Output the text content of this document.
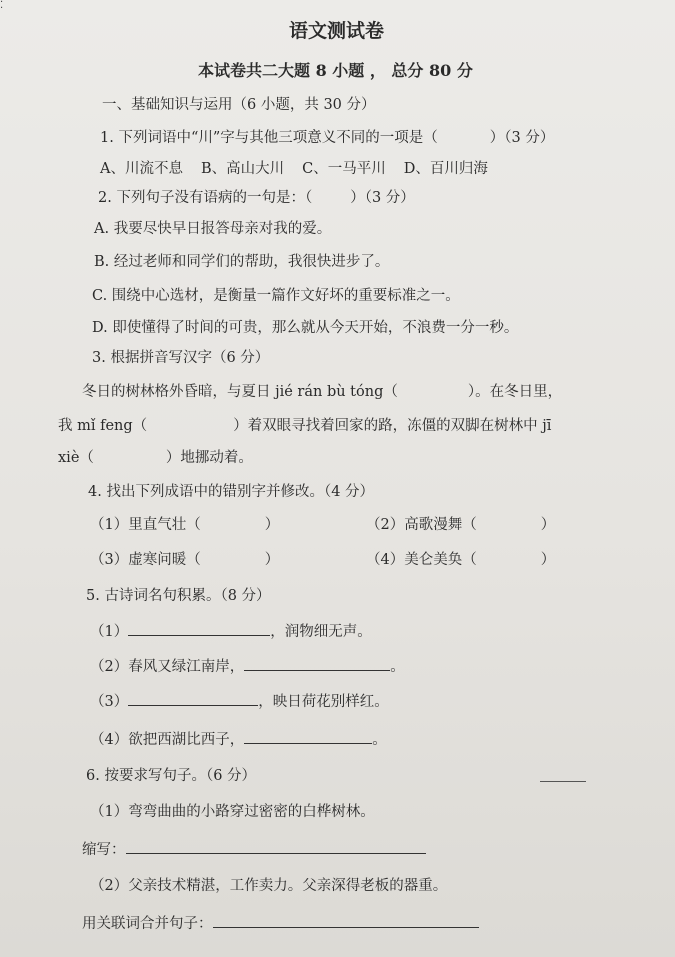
⁚
语文测试卷
本试卷共二大题 8 小题 ， 总分 80 分
一、基础知识与运用（6 小题，共 30 分）
1. 下列词语中“川”字与其他三项意义不同的一项是（	）（3 分）
A、川流不息 B、高山大川 C、一马平川 D、百川归海
2. 下列句子没有语病的一句是：（	）（3 分）
A. 我要尽快早日报答母亲对我的爱。
B. 经过老师和同学们的帮助，我很快进步了。
C. 围绕中心选材，是衡量一篇作文好坏的重要标准之一。
D. 即使懂得了时间的可贵，那么就从今天开始，不浪费一分一秒。
3. 根据拼音写汉字（6 分）
冬日的树林格外昏暗，与夏日 jié rán bù tóng（	）。在冬日里，
我 mǐ feng（	）着双眼寻找着回家的路，冻僵的双脚在树林中 jī
xiè（	）地挪动着。
4. 找出下列成语中的错别字并修改。（4 分）
（1）里直气壮（	）	（2）高歌漫舞（	）
（3）虚寒问暖（	）	（4）美仑美奂（	）
5. 古诗词名句积累。（8 分）
（1）	，润物细无声。
（2）春风又绿江南岸，	。
（3）	，映日荷花别样红。
（4）欲把西湖比西子，	。
6. 按要求写句子。（6 分）
（1）弯弯曲曲的小路穿过密密的白桦树林。
缩写：
（2）父亲技术精湛，工作卖力。父亲深得老板的器重。
用关联词合并句子：
